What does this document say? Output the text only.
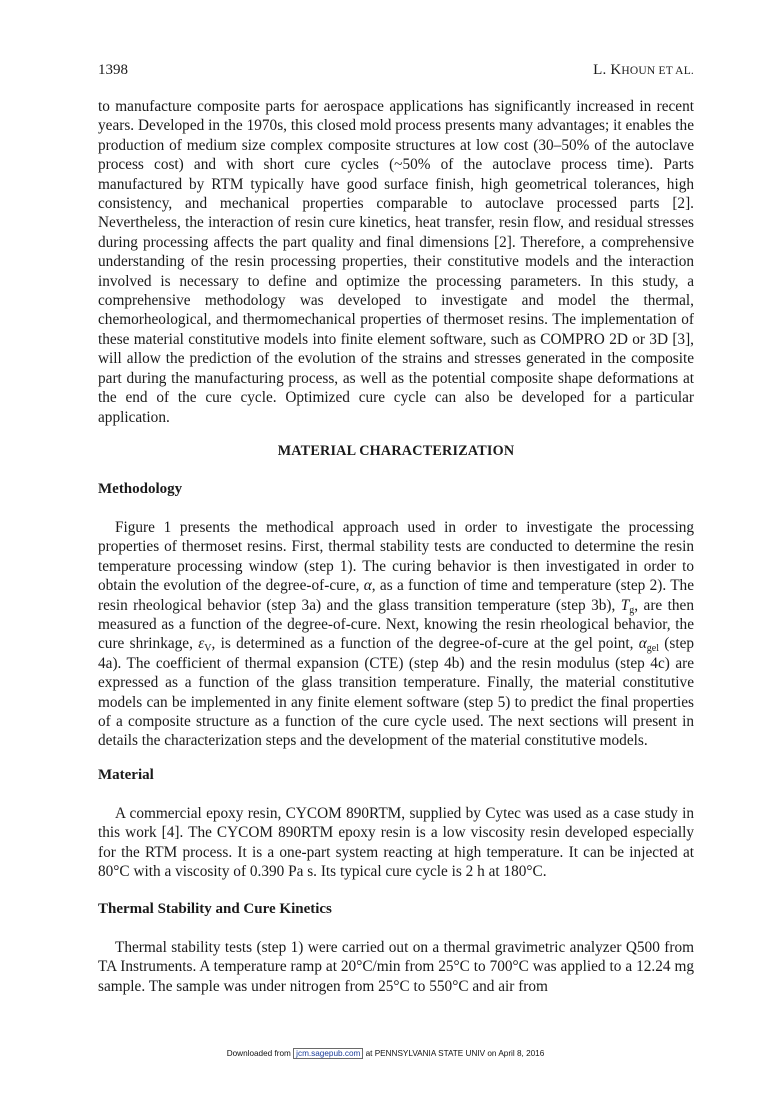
1398	L. KHOUN ET AL.

to manufacture composite parts for aerospace applications has significantly increased in recent years. Developed in the 1970s, this closed mold process presents many advantages; it enables the production of medium size complex composite structures at low cost (30–50% of the autoclave process cost) and with short cure cycles (~50% of the autoclave process time). Parts manufactured by RTM typically have good surface finish, high geometrical tolerances, high consistency, and mechanical properties comparable to autoclave processed parts [2]. Nevertheless, the interaction of resin cure kinetics, heat transfer, resin flow, and residual stresses during processing affects the part quality and final dimensions [2]. Therefore, a comprehensive understanding of the resin processing properties, their constitutive models and the interaction involved is necessary to define and optimize the processing parameters. In this study, a comprehensive methodology was developed to investigate and model the thermal, chemorheological, and thermomechanical properties of thermoset resins. The implementation of these material constitutive models into finite element software, such as COMPRO 2D or 3D [3], will allow the prediction of the evolution of the strains and stresses generated in the composite part during the manufacturing process, as well as the potential composite shape deformations at the end of the cure cycle. Optimized cure cycle can also be developed for a particular application.

MATERIAL CHARACTERIZATION
Methodology

Figure 1 presents the methodical approach used in order to investigate the processing properties of thermoset resins. First, thermal stability tests are conducted to determine the resin temperature processing window (step 1). The curing behavior is then investigated in order to obtain the evolution of the degree-of-cure, α, as a function of time and temperature (step 2). The resin rheological behavior (step 3a) and the glass transition temperature (step 3b), $T_g$, are then measured as a function of the degree-of-cure. Next, knowing the resin rheological behavior, the cure shrinkage, $\varepsilon_V$, is determined as a function of the degree-of-cure at the gel point, $\alpha_{gel}$ (step 4a). The coefficient of thermal expansion (CTE) (step 4b) and the resin modulus (step 4c) are expressed as a function of the glass transition temperature. Finally, the material constitutive models can be implemented in any finite element software (step 5) to predict the final properties of a composite structure as a function of the cure cycle used. The next sections will present in details the characterization steps and the development of the material constitutive models.

Material

A commercial epoxy resin, CYCOM 890RTM, supplied by Cytec was used as a case study in this work [4]. The CYCOM 890RTM epoxy resin is a low viscosity resin developed especially for the RTM process. It is a one-part system reacting at high temperature. It can be injected at 80°C with a viscosity of 0.390 Pa s. Its typical cure cycle is 2 h at 180°C.

Thermal Stability and Cure Kinetics

Thermal stability tests (step 1) were carried out on a thermal gravimetric analyzer Q500 from TA Instruments. A temperature ramp at 20°C/min from 25°C to 700°C was applied to a 12.24 mg sample. The sample was under nitrogen from 25°C to 550°C and air from

Downloaded from jcm.sagepub.com at PENNSYLVANIA STATE UNIV on April 8, 2016
